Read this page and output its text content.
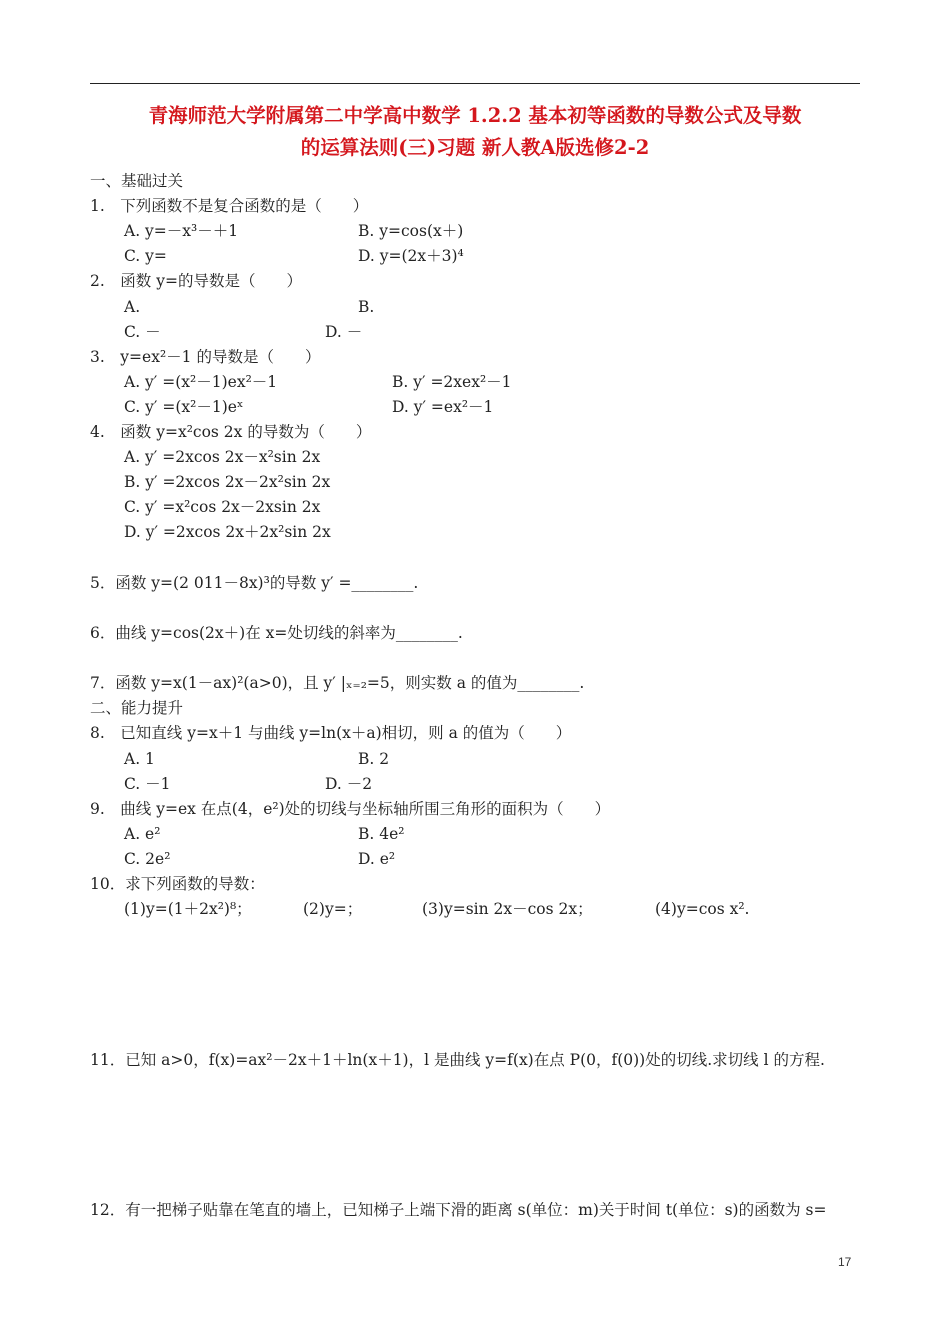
青海师范大学附属第二中学高中数学 1.2.2 基本初等函数的导数公式及导数
的运算法则(三)习题 新人教A版选修2-2
一、基础过关
1.　下列函数不是复合函数的是（　　）
A. y=－x³－＋1	B. y=cos(x＋)
C. y=	D. y=(2x＋3)⁴
2.　函数 y=的导数是（　　）
A.	B.
C. －	D. －
3.　y=ex²－1 的导数是（　　）
A. y′ =(x²－1)ex²－1	B. y′ =2xex²－1
C. y′ =(x²－1)eˣ	D. y′ =ex²－1
4.　函数 y=x²cos 2x 的导数为（　　）
A. y′ =2xcos 2x－x²sin 2x
B. y′ =2xcos 2x－2x²sin 2x
C. y′ =x²cos 2x－2xsin 2x
D. y′ =2xcos 2x＋2x²sin 2x
5．函数 y=(2 011－8x)³的导数 y′ =________.
6．曲线 y=cos(2x＋)在 x=处切线的斜率为________.
7．函数 y=x(1－ax)²(a>0)，且 y′ |ₓ₌₂=5，则实数 a 的值为________.
二、能力提升
8.　已知直线 y=x＋1 与曲线 y=ln(x＋a)相切，则 a 的值为（　　）
A. 1	B. 2
C. －1	D. －2
9.　曲线 y=ex 在点(4，e²)处的切线与坐标轴所围三角形的面积为（　　）
A. e²	B. 4e²
C. 2e²	D. e²
10．求下列函数的导数：
(1)y=(1＋2x²)⁸；	(2)y=；	(3)y=sin 2x－cos 2x；	(4)y=cos x².
11．已知 a>0，f(x)=ax²－2x＋1＋ln(x＋1)，l 是曲线 y=f(x)在点 P(0，f(0))处的切线.求切线 l 的方程.
12．有一把梯子贴靠在笔直的墙上，已知梯子上端下滑的距离 s(单位：m)关于时间 t(单位：s)的函数为 s=
17
